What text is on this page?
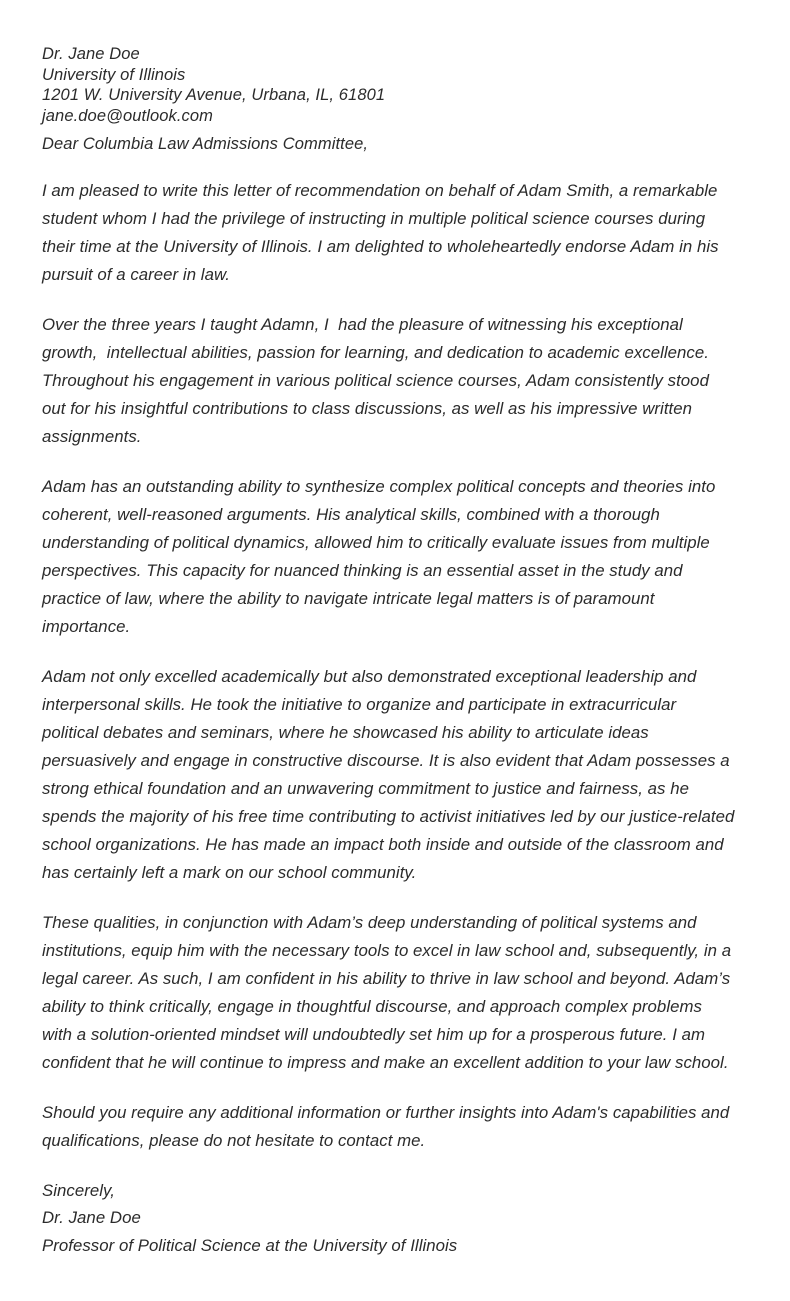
Dr. Jane Doe
University of Illinois
1201 W. University Avenue, Urbana, IL, 61801
jane.doe@outlook.com
Dear Columbia Law Admissions Committee,

I am pleased to write this letter of recommendation on behalf of Adam Smith, a remarkable student whom I had the privilege of instructing in multiple political science courses during their time at the University of Illinois. I am delighted to wholeheartedly endorse Adam in his pursuit of a career in law.

Over the three years I taught Adamn, I  had the pleasure of witnessing his exceptional growth,  intellectual abilities, passion for learning, and dedication to academic excellence. Throughout his engagement in various political science courses, Adam consistently stood out for his insightful contributions to class discussions, as well as his impressive written assignments.

Adam has an outstanding ability to synthesize complex political concepts and theories into coherent, well-reasoned arguments. His analytical skills, combined with a thorough understanding of political dynamics, allowed him to critically evaluate issues from multiple perspectives. This capacity for nuanced thinking is an essential asset in the study and practice of law, where the ability to navigate intricate legal matters is of paramount importance.

Adam not only excelled academically but also demonstrated exceptional leadership and interpersonal skills. He took the initiative to organize and participate in extracurricular political debates and seminars, where he showcased his ability to articulate ideas persuasively and engage in constructive discourse. It is also evident that Adam possesses a strong ethical foundation and an unwavering commitment to justice and fairness, as he spends the majority of his free time contributing to activist initiatives led by our justice-related school organizations. He has made an impact both inside and outside of the classroom and has certainly left a mark on our school community.

These qualities, in conjunction with Adam’s deep understanding of political systems and institutions, equip him with the necessary tools to excel in law school and, subsequently, in a legal career. As such, I am confident in his ability to thrive in law school and beyond. Adam’s ability to think critically, engage in thoughtful discourse, and approach complex problems with a solution-oriented mindset will undoubtedly set him up for a prosperous future. I am confident that he will continue to impress and make an excellent addition to your law school.

Should you require any additional information or further insights into Adam's capabilities and qualifications, please do not hesitate to contact me.

Sincerely,
Dr. Jane Doe
Professor of Political Science at the University of Illinois
